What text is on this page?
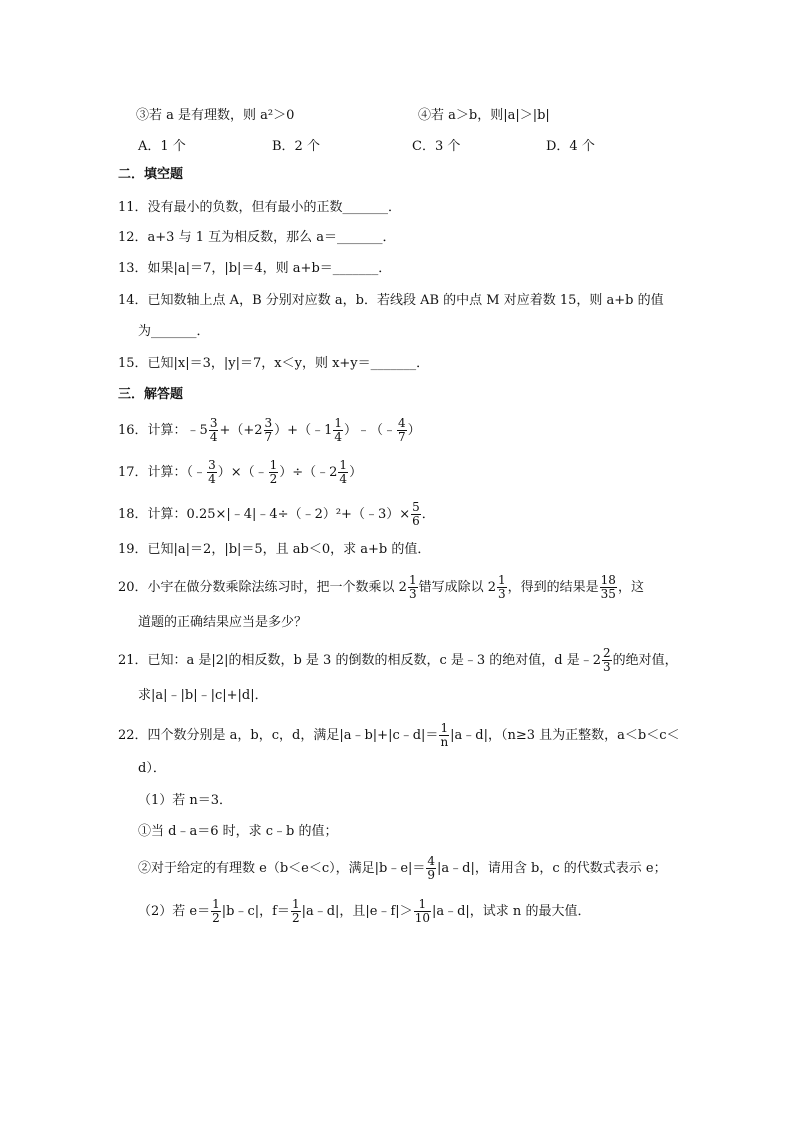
③若 a 是有理数，则 a²＞0	④若 a＞b，则|a|＞|b|
A．1 个	B．2 个	C．3 个	D．4 个
二．填空题
11．没有最小的负数，但有最小的正数_______．
12．a+3 与 1 互为相反数，那么 a＝_______．
13．如果|a|＝7，|b|＝4，则 a+b＝_______．
14．已知数轴上点 A，B 分别对应数 a，b．若线段 AB 的中点 M 对应着数 15，则 a+b 的值
为_______．
15．已知|x|＝3，|y|＝7，x＜y，则 x+y＝_______．
三．解答题
16．计算：﹣5 $\frac{3}{4} +(+2 \frac{3}{7}$ ）+（﹣1 $\frac{1}{4}$ ）﹣（﹣ $\frac{4}{7}$ ）
17．计算：（﹣ $\frac{3}{4}$ ）×（﹣ $\frac{1}{2}$ ）÷（﹣2 $\frac{1}{4}$ ）
18．计算：0.25×|﹣4|﹣4÷（﹣2）²+（﹣3）× $\frac{5}{6}$ ．
19．已知|a|＝2，|b|＝5，且 ab＜0，求 a+b 的值．
20．小宇在做分数乘除法练习时，把一个数乘以 $2 \frac{1}{3}$ 错写成除以 $2 \frac{1}{3}$ ，得到的结果是 $\frac{18}{35}$ ，这
道题的正确结果应当是多少？
21．已知：a 是|2|的相反数，b 是 3 的倒数的相反数，c 是﹣3 的绝对值，d 是﹣2 $\frac{2}{3}$ 的绝对值，
求|a|﹣|b|﹣|c|+|d|．
22．四个数分别是 a，b，c，d，满足|a﹣b|+|c﹣d|＝ $\frac{1}{n}$ |a﹣d|，（n≥3 且为正整数，a＜b＜c＜
d）．
（1）若 n＝3．
①当 d﹣a＝6 时，求 c﹣b 的值；
②对于给定的有理数 e（b＜e＜c），满足|b﹣e|＝ $\frac{4}{9}$ |a﹣d|，请用含 b，c 的代数式表示 e；
（2）若 $e= \frac{1}{2}$ |b﹣c|，$f= \frac{1}{2}$ |a﹣d|，且|e﹣f|＞ $\frac{1}{10}$ |a﹣d|，试求 n 的最大值．
